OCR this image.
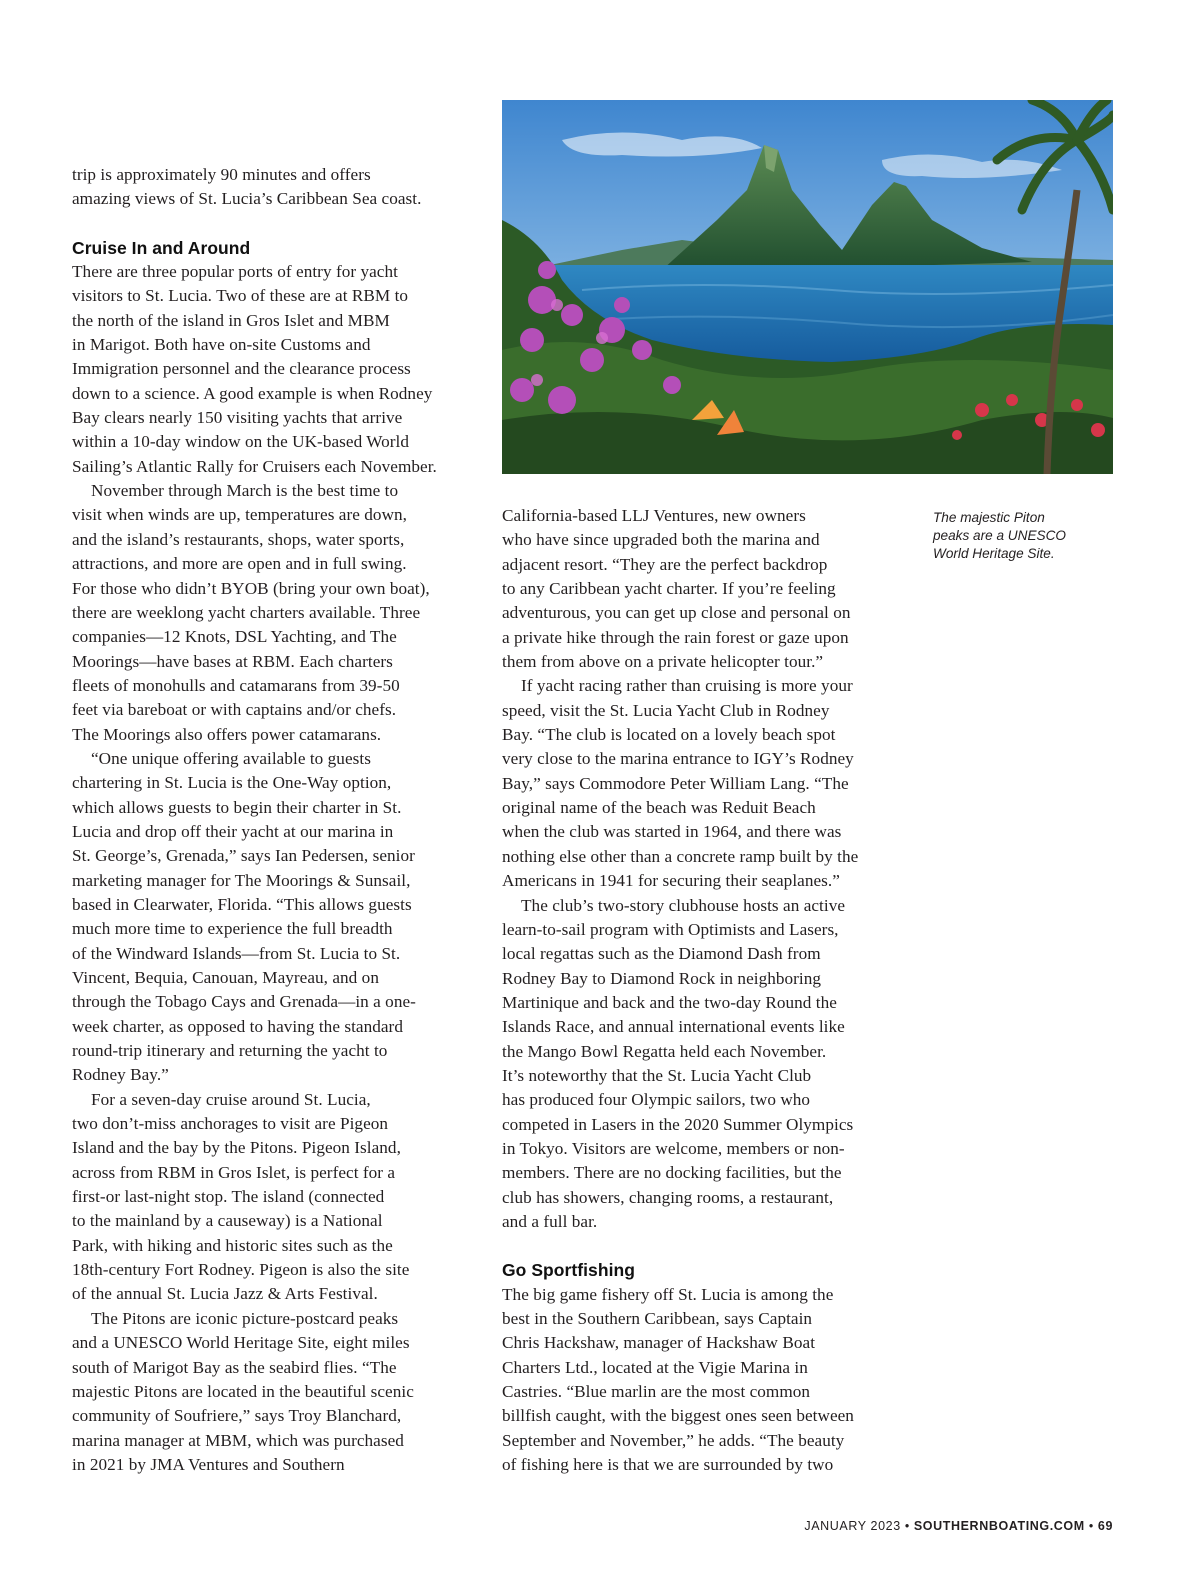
trip is approximately 90 minutes and offers
amazing views of St. Lucia’s Caribbean Sea coast.
Cruise In and Around
There are three popular ports of entry for yacht
visitors to St. Lucia. Two of these are at RBM to
the north of the island in Gros Islet and MBM
in Marigot. Both have on-site Customs and
Immigration personnel and the clearance process
down to a science. A good example is when Rodney
Bay clears nearly 150 visiting yachts that arrive
within a 10-day window on the UK-based World
Sailing’s Atlantic Rally for Cruisers each November.
November through March is the best time to
visit when winds are up, temperatures are down,
and the island’s restaurants, shops, water sports,
attractions, and more are open and in full swing.
For those who didn’t BYOB (bring your own boat),
there are weeklong yacht charters available. Three
companies—12 Knots, DSL Yachting, and The
Moorings—have bases at RBM. Each charters
fleets of monohulls and catamarans from 39-50
feet via bareboat or with captains and/or chefs.
The Moorings also offers power catamarans.
“One unique offering available to guests
chartering in St. Lucia is the One-Way option,
which allows guests to begin their charter in St.
Lucia and drop off their yacht at our marina in
St. George’s, Grenada,” says Ian Pedersen, senior
marketing manager for The Moorings & Sunsail,
based in Clearwater, Florida. “This allows guests
much more time to experience the full breadth
of the Windward Islands—from St. Lucia to St.
Vincent, Bequia, Canouan, Mayreau, and on
through the Tobago Cays and Grenada—in a one-
week charter, as opposed to having the standard
round-trip itinerary and returning the yacht to
Rodney Bay.”
For a seven-day cruise around St. Lucia,
two don’t-miss anchorages to visit are Pigeon
Island and the bay by the Pitons. Pigeon Island,
across from RBM in Gros Islet, is perfect for a
first-or last-night stop. The island (connected
to the mainland by a causeway) is a National
Park, with hiking and historic sites such as the
18th-century Fort Rodney. Pigeon is also the site
of the annual St. Lucia Jazz & Arts Festival.
The Pitons are iconic picture-postcard peaks
and a UNESCO World Heritage Site, eight miles
south of Marigot Bay as the seabird flies. “The
majestic Pitons are located in the beautiful scenic
community of Soufriere,” says Troy Blanchard,
marina manager at MBM, which was purchased
in 2021 by JMA Ventures and Southern
California-based LLJ Ventures, new owners
who have since upgraded both the marina and
adjacent resort. “They are the perfect backdrop
to any Caribbean yacht charter. If you’re feeling
adventurous, you can get up close and personal on
a private hike through the rain forest or gaze upon
them from above on a private helicopter tour.”
If yacht racing rather than cruising is more your
speed, visit the St. Lucia Yacht Club in Rodney
Bay. “The club is located on a lovely beach spot
very close to the marina entrance to IGY’s Rodney
Bay,” says Commodore Peter William Lang. “The
original name of the beach was Reduit Beach
when the club was started in 1964, and there was
nothing else other than a concrete ramp built by the
Americans in 1941 for securing their seaplanes.”
The club’s two-story clubhouse hosts an active
learn-to-sail program with Optimists and Lasers,
local regattas such as the Diamond Dash from
Rodney Bay to Diamond Rock in neighboring
Martinique and back and the two-day Round the
Islands Race, and annual international events like
the Mango Bowl Regatta held each November.
It’s noteworthy that the St. Lucia Yacht Club
has produced four Olympic sailors, two who
competed in Lasers in the 2020 Summer Olympics
in Tokyo. Visitors are welcome, members or non-
members. There are no docking facilities, but the
club has showers, changing rooms, a restaurant,
and a full bar.
Go Sportfishing
The big game fishery off St. Lucia is among the
best in the Southern Caribbean, says Captain
Chris Hackshaw, manager of Hackshaw Boat
Charters Ltd., located at the Vigie Marina in
Castries. “Blue marlin are the most common
billfish caught, with the biggest ones seen between
September and November,” he adds. “The beauty
of fishing here is that we are surrounded by two
The majestic Piton
peaks are a UNESCO
World Heritage Site.
JANUARY 2023 • SOUTHERNBOATING.COM • 69
